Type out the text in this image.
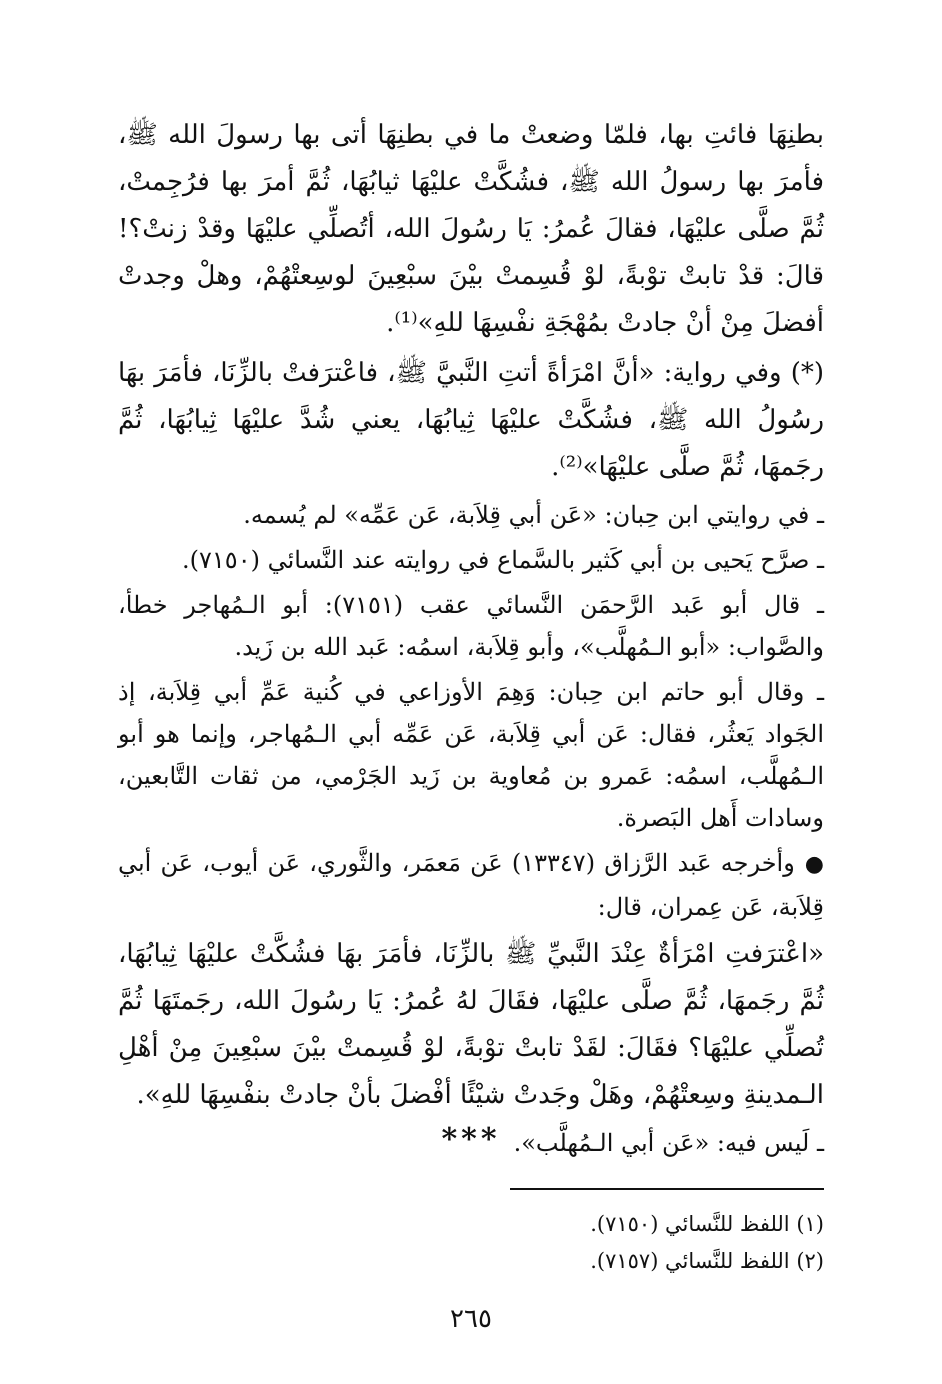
بطنِهَا فائتِ بها، فلمّا وضعتْ ما في بطنِهَا أتى بها رسولَ الله ﷺ، فأمرَ بها رسولُ الله ﷺ، فشُكَّتْ عليْهَا ثيابُهَا، ثُمَّ أمرَ بها فرُجِمتْ، ثُمَّ صلَّى عليْهَا، فقالَ عُمرُ: يَا رسُولَ الله، أتُصلِّي عليْهَا وقدْ زنتْ؟! قالَ: قدْ تابتْ توْبةً، لوْ قُسِمتْ بيْنَ سبْعِينَ لوسِعتْهُمْ، وهلْ وجدتْ أفضلَ مِنْ أنْ جادتْ بمُهْجَةِ نفْسِهَا للهِ»⁽¹⁾.

(*) وفي رواية: «أنَّ امْرَأةً أتتِ النَّبيَّ ﷺ، فاعْترَفتْ بالزِّنَا، فأمَرَ بهَا رسُولُ الله ﷺ، فشُكَّتْ عليْهَا ثِيابُهَا، يعني شُدَّ عليْهَا ثِيابُهَا، ثُمَّ رجَمهَا، ثُمَّ صلَّى عليْهَا»⁽²⁾.

ـ في روايتي ابن حِبان: «عَن أبي قِلاَبة، عَن عَمِّه» لم يُسمه.

ـ صرَّح يَحيى بن أبي كَثير بالسَّماع في روايته عند النَّسائي (٧١٥٠).

ـ قال أبو عَبد الرَّحمَن النَّسائي عقب (٧١٥١): أبو الـمُهاجر خطأ، والصَّواب: «أبو الـمُهلَّب»، وأبو قِلاَبة، اسمُه: عَبد الله بن زَيد.

ـ وقال أبو حاتم ابن حِبان: وَهِمَ الأوزاعي في كُنية عَمِّ أبي قِلاَبة، إذ الجَواد يَعثُر، فقال: عَن أبي قِلاَبة، عَن عَمِّه أبي الـمُهاجر، وإنما هو أبو الـمُهلَّب، اسمُه: عَمرو بن مُعاوية بن زَيد الجَرْمي، من ثقات التَّابعين، وسادات أَهل البَصرة.

●وأخرجه عَبد الرَّزاق (١٣٣٤٧) عَن مَعمَر، والثَّوري، عَن أيوب، عَن أبي قِلاَبة، عَن عِمران، قال:

«اعْترَفتِ امْرَأةٌ عِنْدَ النَّبيِّ ﷺ بالزِّنَا، فأمَرَ بهَا فشُكَّتْ عليْهَا ثِيابُهَا، ثُمَّ رجَمهَا، ثُمَّ صلَّى عليْهَا، فقَالَ لهُ عُمرُ: يَا رسُولَ الله، رجَمتَهَا ثُمَّ تُصلِّي عليْهَا؟ فقَالَ: لقَدْ تابتْ توْبةً، لوْ قُسِمتْ بيْنَ سبْعِينَ مِنْ أهْلِ الـمدينةِ وسِعتْهُمْ، وهَلْ وجَدتْ شيْئًا أفْضلَ بأنْ جادتْ بنفْسِهَا للهِ».

ـ لَيس فيه: «عَن أبي الـمُهلَّب».

***

(١) اللفظ للنَّسائي (٧١٥٠).

(٢) اللفظ للنَّسائي (٧١٥٧).

٢٦٥
